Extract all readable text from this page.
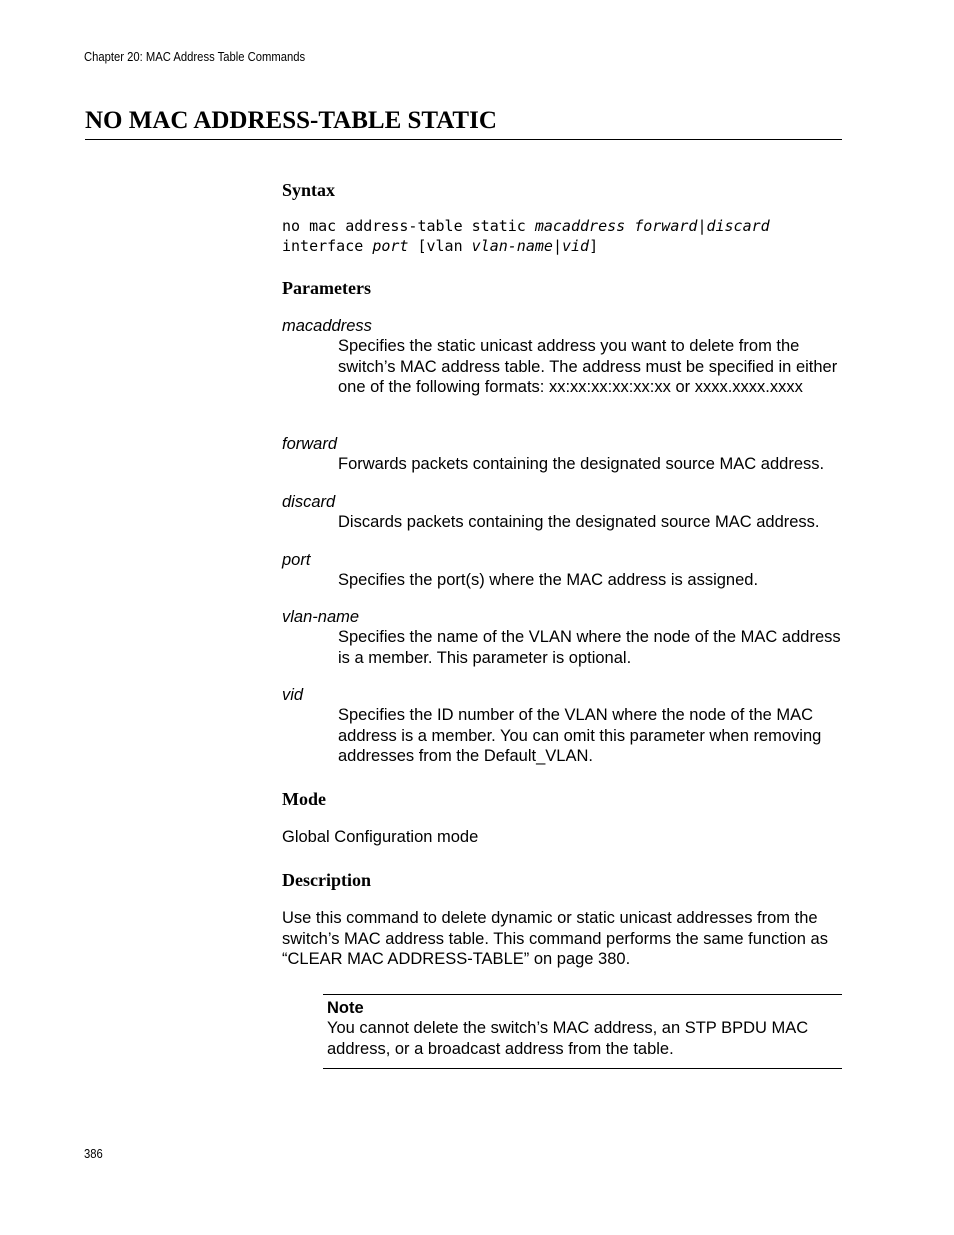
Chapter 20: MAC Address Table Commands
NO MAC ADDRESS-TABLE STATIC
Syntax
no mac address-table static macaddress forward|discard
interface port [vlan vlan-name|vid]
Parameters
macaddress
Specifies the static unicast address you want to delete from the switch’s MAC address table. The address must be specified in either one of the following formats: xx:xx:xx:xx:xx:xx or xxxx.xxxx.xxxx
forward
Forwards packets containing the designated source MAC address.
discard
Discards packets containing the designated source MAC address.
port
Specifies the port(s) where the MAC address is assigned.
vlan-name
Specifies the name of the VLAN where the node of the MAC address is a member. This parameter is optional.
vid
Specifies the ID number of the VLAN where the node of the MAC address is a member. You can omit this parameter when removing addresses from the Default_VLAN.
Mode
Global Configuration mode
Description
Use this command to delete dynamic or static unicast addresses from the switch’s MAC address table. This command performs the same function as “CLEAR MAC ADDRESS-TABLE” on page 380.
Note
You cannot delete the switch’s MAC address, an STP BPDU MAC address, or a broadcast address from the table.
386
